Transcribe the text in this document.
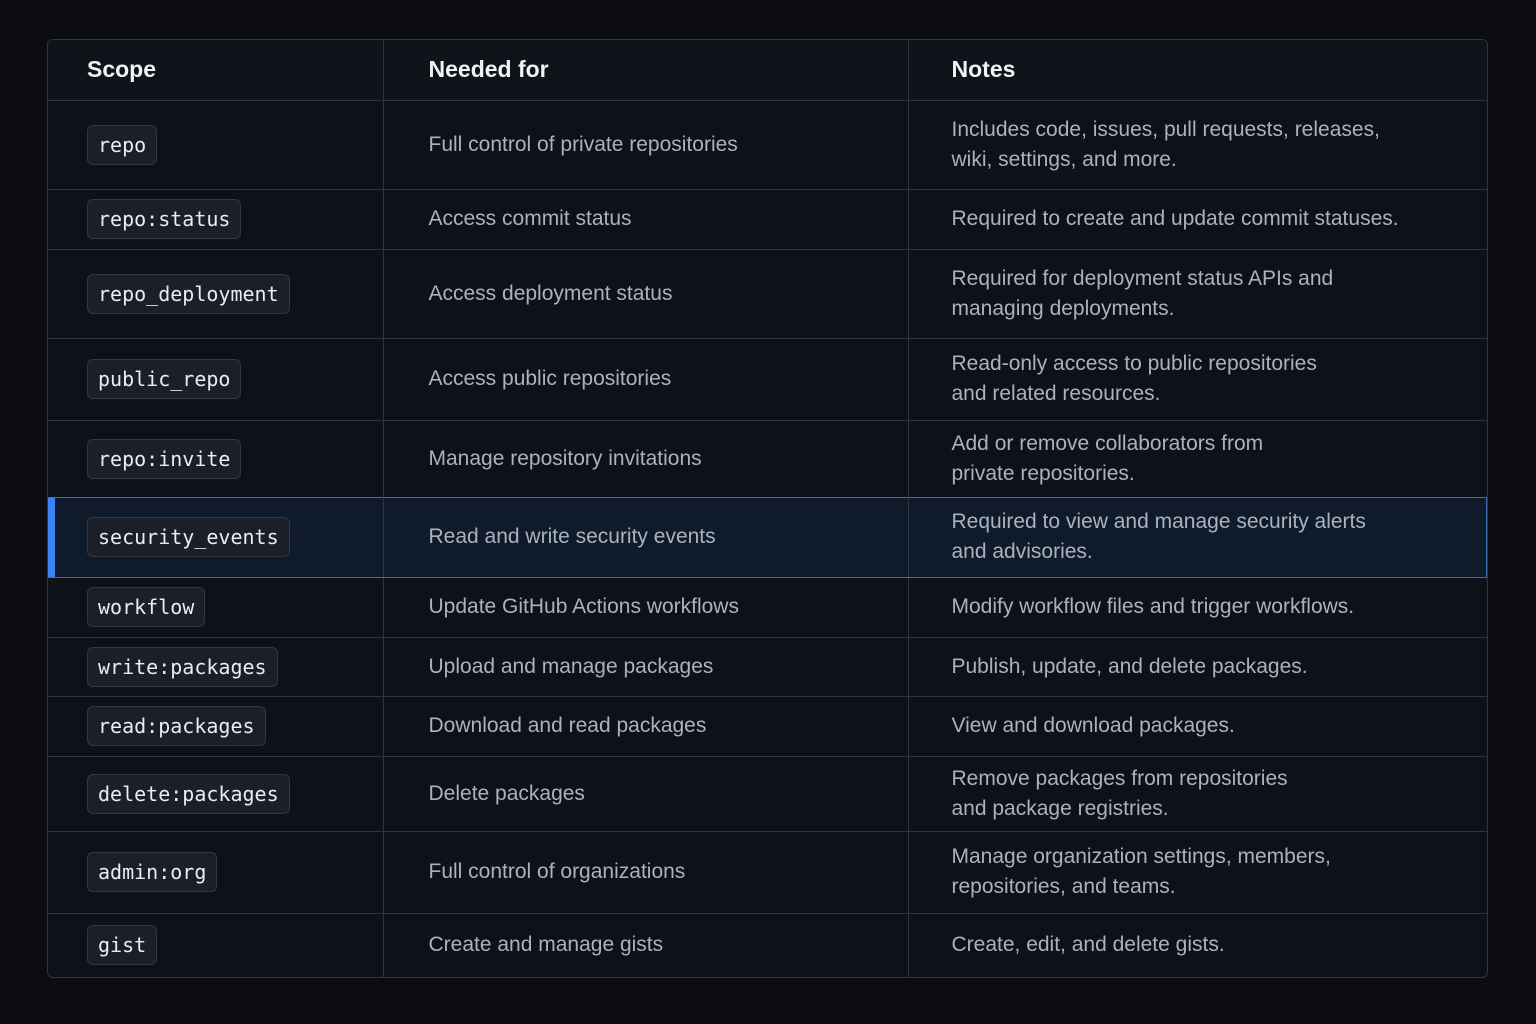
Scope	Needed for	Notes
repo	Full control of private repositories	Includes code, issues, pull requests, releases,
wiki, settings, and more.

repo:status	Access commit status	Required to create and update commit statuses.

repo_deployment	Access deployment status	Required for deployment status APIs and
managing deployments.

public_repo	Access public repositories	Read-only access to public repositories
and related resources.

repo:invite	Manage repository invitations	Add or remove collaborators from
private repositories.

security_events	Read and write security events	Required to view and manage security alerts
and advisories.

workflow	Update GitHub Actions workflows	Modify workflow files and trigger workflows.

write:packages	Upload and manage packages	Publish, update, and delete packages.

read:packages	Download and read packages	View and download packages.

delete:packages	Delete packages	Remove packages from repositories
and package registries.

admin:org	Full control of organizations	Manage organization settings, members,
repositories, and teams.

gist	Create and manage gists	Create, edit, and delete gists.
